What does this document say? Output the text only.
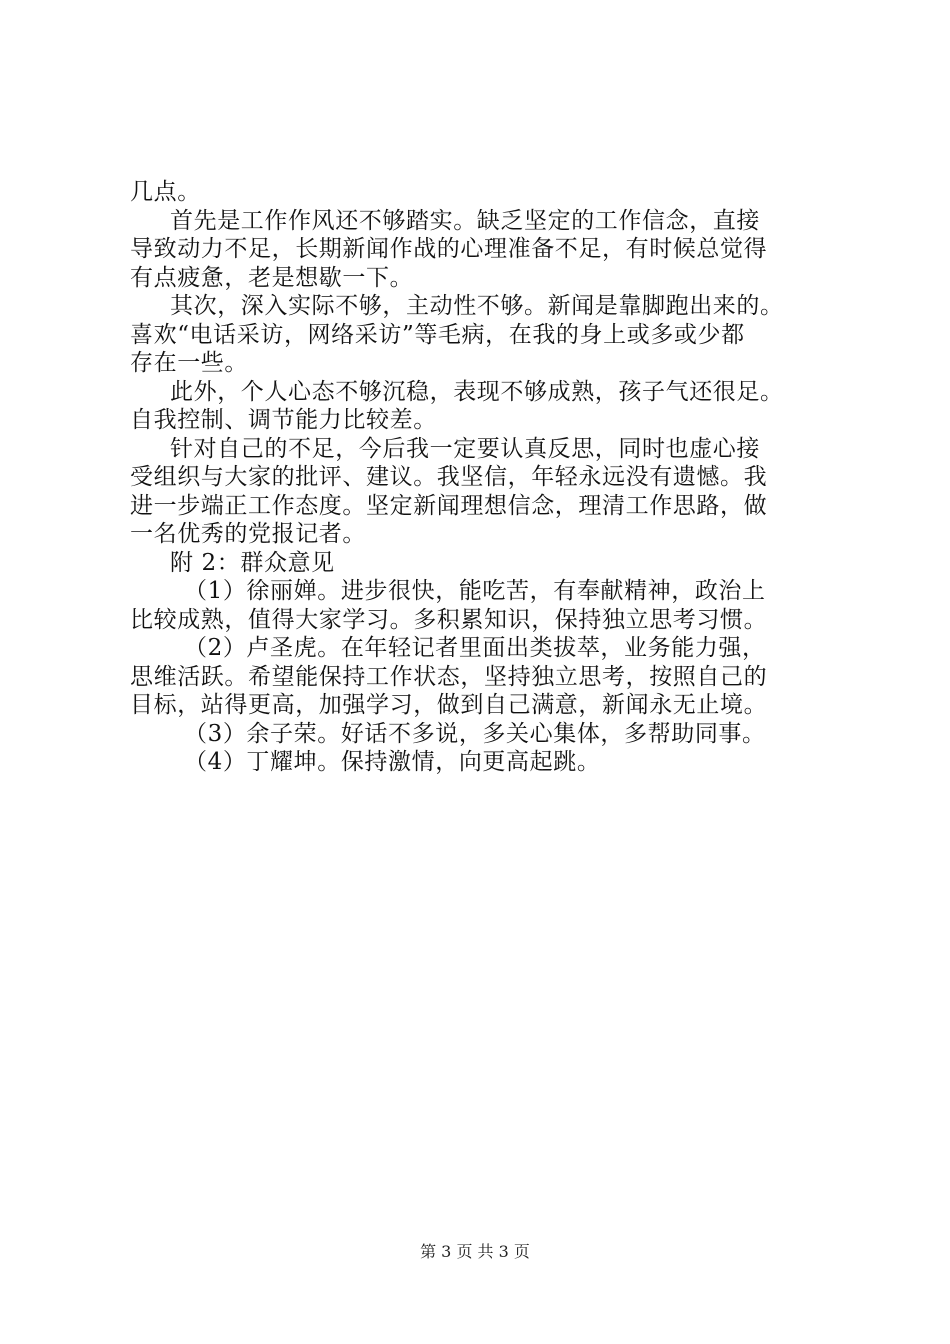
几点。
首先是工作作风还不够踏实。缺乏坚定的工作信念，直接
导致动力不足，长期新闻作战的心理准备不足，有时候总觉得
有点疲惫，老是想歇一下。
其次，深入实际不够，主动性不够。新闻是靠脚跑出来的。
喜欢“电话采访，网络采访”等毛病，在我的身上或多或少都
存在一些。
此外，个人心态不够沉稳，表现不够成熟，孩子气还很足。
自我控制、调节能力比较差。
针对自己的不足，今后我一定要认真反思，同时也虚心接
受组织与大家的批评、建议。我坚信，年轻永远没有遗憾。我
进一步端正工作态度。坚定新闻理想信念，理清工作思路，做
一名优秀的党报记者。
附 2：群众意见
（1）徐丽婵。进步很快，能吃苦，有奉献精神，政治上
比较成熟，值得大家学习。多积累知识，保持独立思考习惯。
（2）卢圣虎。在年轻记者里面出类拔萃，业务能力强，
思维活跃。希望能保持工作状态，坚持独立思考，按照自己的
目标，站得更高，加强学习，做到自己满意，新闻永无止境。
（3）余子荣。好话不多说，多关心集体，多帮助同事。
（4）丁耀坤。保持激情，向更高起跳。
第 3 页 共 3 页
